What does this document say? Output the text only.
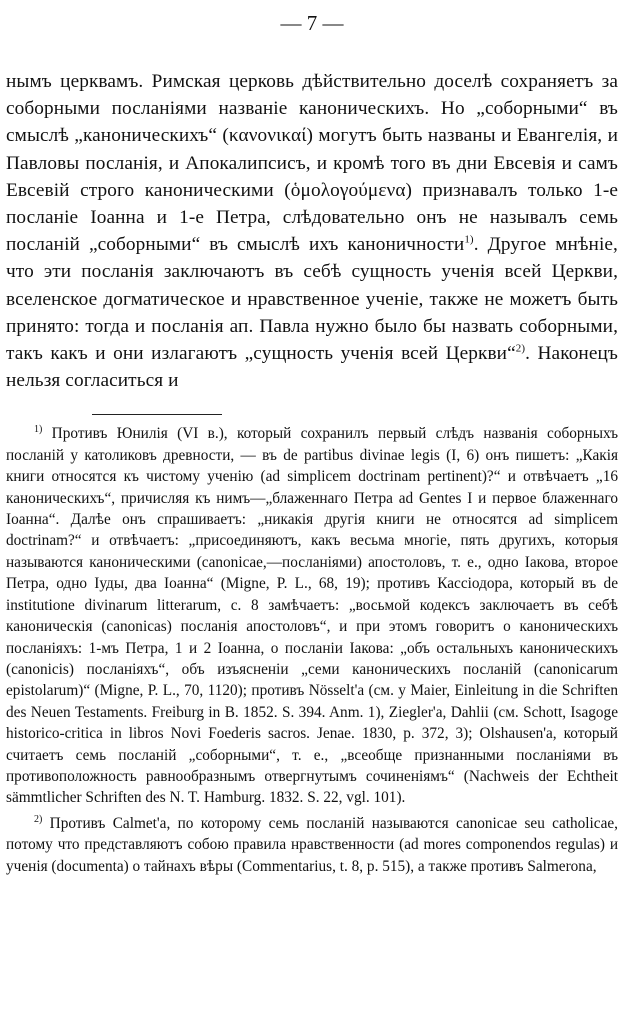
— 7 —

нымъ церквамъ. Римская церковь дѣйствительно доселѣ сохраняетъ за соборными посланіями названіе каноническихъ. Но „соборными“ въ смыслѣ „каноническихъ“ (κανονικαί) могутъ быть названы и Евангелія, и Павловы посланія, и Апокалипсисъ, и кромѣ того въ дни Евсевія и самъ Евсевій строго каноническими (ὁμολογούμενα) признавалъ только 1-е посланіе Іоанна и 1-е Петра, слѣдовательно онъ не называлъ семь посланій „соборными“ въ смыслѣ ихъ каноничности$^{1)}$. Другое мнѣніе, что эти посланія заключаютъ въ себѣ сущность ученія всей Церкви, вселенское догматическое и нравственное ученіе, также не можетъ быть принято: тогда и посланія ап. Павла нужно было бы назвать соборными, такъ какъ и они излагаютъ „сущность ученія всей Церкви“$^{2)}$. Наконецъ нельзя согласиться и

$^{1)}$ Противъ Юнилія (VI в.), который сохранилъ первый слѣдъ названія соборныхъ посланій у католиковъ древности, — въ de partibus divinae legis (I, 6) онъ пишетъ: „Какія книги относятся къ чистому ученію (ad simplicem doctrinam pertinent)?“ и отвѣчаетъ „16 каноническихъ“, причисляя къ нимъ—„блаженнаго Петра ad Gentes I и первое блаженнаго Іоанна“. Далѣе онъ спрашиваетъ: „никакія другія книги не относятся ad simplicem doctrinam?“ и отвѣчаетъ: „присоединяютъ, какъ весьма многіе, пять другихъ, которыя называются каноническими (canonicae,—посланіями) апостоловъ, т. е., одно Іакова, второе Петра, одно Іуды, два Іоанна“ (Migne, P. L., 68, 19); противъ Кассіодора, который въ de institutione divinarum litterarum, c. 8 замѣчаетъ: „восьмой кодексъ заключаетъ въ себѣ каноническія (canonicas) посланія апостоловъ“, и при этомъ говоритъ о каноническихъ посланіяхъ: 1-мъ Петра, 1 и 2 Іоанна, о посланіи Іакова: „объ остальныхъ каноническихъ (canonicis) посланіяхъ“, объ изъясненіи „семи каноническихъ посланій (canonicarum epistolarum)“ (Migne, P. L., 70, 1120); противъ Nösselt'а (см. у Maier, Einleitung in die Schriften des Neuen Testaments. Freiburg in B. 1852. S. 394. Anm. 1), Ziegler'а, Dahlii (см. Schott, Isagoge historico-critica in libros Novi Foederis sacros. Jenae. 1830, p. 372, 3); Olshausen'а, который считаетъ семь посланій „соборными“, т. е., „всеобще признанными посланіями въ противоположность равнообразнымъ отвергнутымъ сочиненіямъ“ (Nachweis der Echtheit sämmtlicher Schriften des N. T. Hamburg. 1832. S. 22, vgl. 101).

$^{2)}$ Противъ Calmet'а, по которому семь посланій называются canonicae seu catholicae, потому что представляютъ собою правила нравственности (ad mores componendos regulas) и ученія (documenta) о тайнахъ вѣры (Commentarius, t. 8, p. 515), а также противъ Salmerona,
